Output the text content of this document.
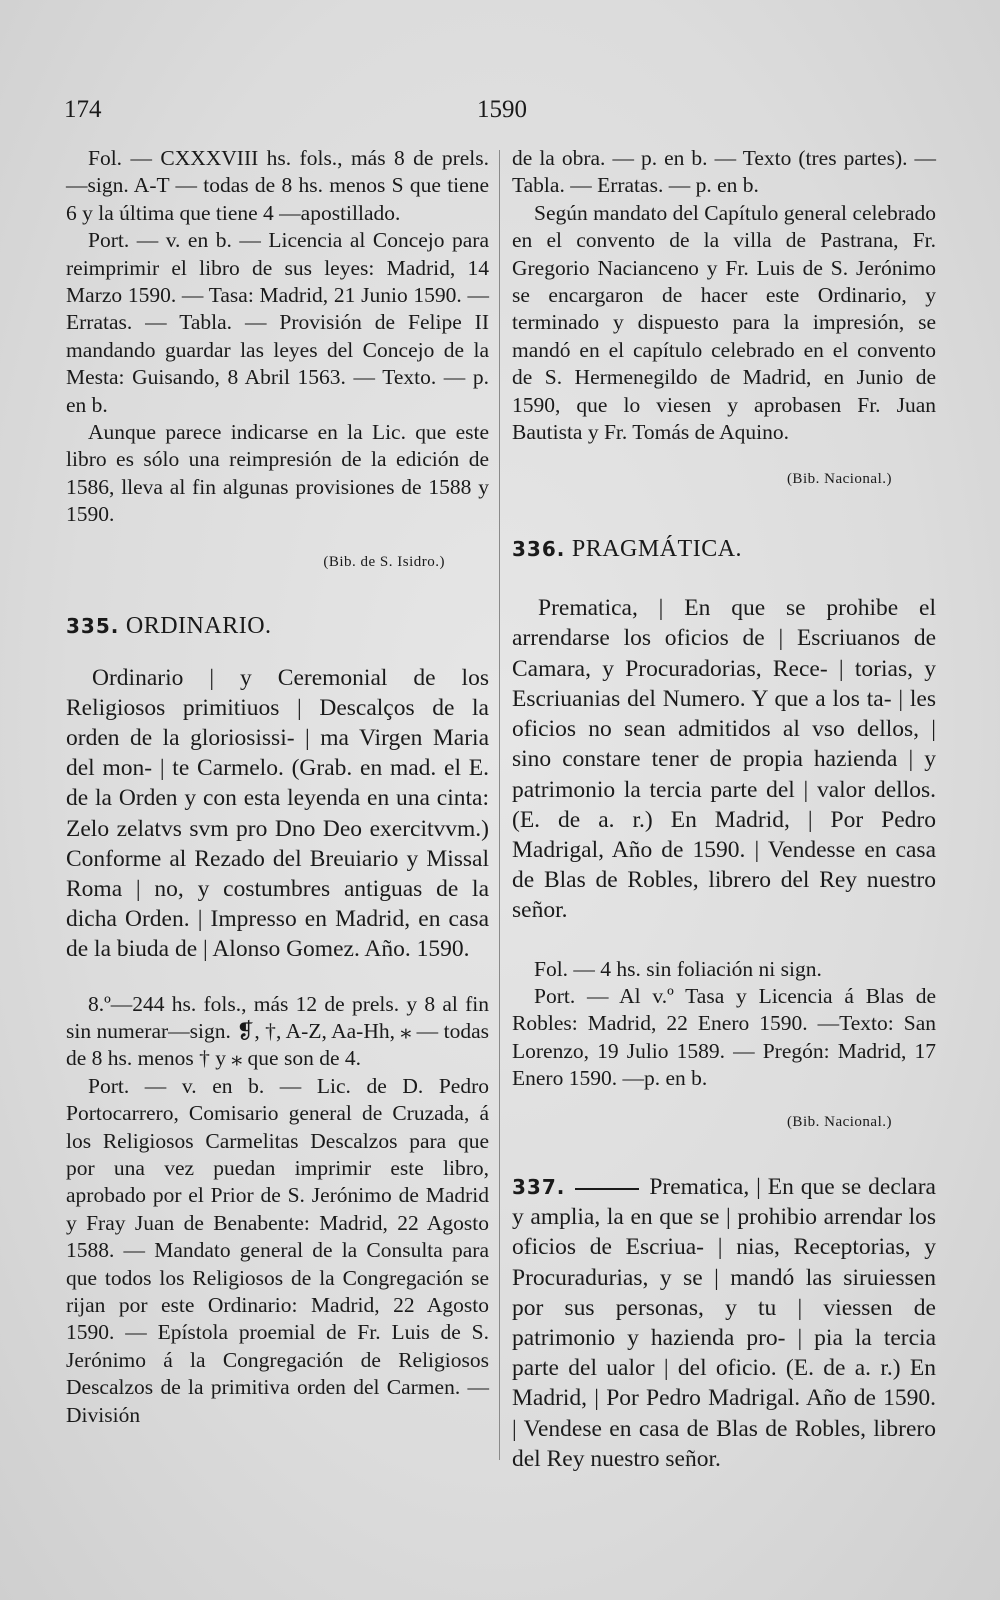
174	1590

Fol. — CXXXVIII hs. fols., más 8 de prels. —sign. A-T — todas de 8 hs. menos S que tiene 6 y la última que tiene 4 —apostillado.

Port. — v. en b. — Licencia al Concejo para reimprimir el libro de sus leyes: Madrid, 14 Marzo 1590. — Tasa: Madrid, 21 Junio 1590. — Erratas. — Tabla. — Provisión de Felipe II mandando guardar las leyes del Concejo de la Mesta: Guisando, 8 Abril 1563. — Texto. — p. en b.

Aunque parece indicarse en la Lic. que este libro es sólo una reimpresión de la edición de 1586, lleva al fin algunas provisiones de 1588 y 1590.

(Bib. de S. Isidro.)

335. ORDINARIO.

Ordinario | y Ceremonial de los Religiosos primitiuos | Descalços de la orden de la gloriosissi- | ma Virgen Maria del mon- | te Carmelo. (Grab. en mad. el E. de la Orden y con esta leyenda en una cinta: Zelo zelatvs svm pro Dno Deo exercitvvm.) Conforme al Rezado del Breuiario y Missal Roma | no, y costumbres antiguas de la dicha Orden. | Impresso en Madrid, en casa de la biuda de | Alonso Gomez. Año. 1590.

8.º—244 hs. fols., más 12 de prels. y 8 al fin sin numerar—sign. ❡, †, A-Z, Aa-Hh, ⁎ — todas de 8 hs. menos † y ⁎ que son de 4.

Port. — v. en b. — Lic. de D. Pedro Portocarrero, Comisario general de Cruzada, á los Religiosos Carmelitas Descalzos para que por una vez puedan imprimir este libro, aprobado por el Prior de S. Jerónimo de Madrid y Fray Juan de Benabente: Madrid, 22 Agosto 1588. — Mandato general de la Consulta para que todos los Religiosos de la Congregación se rijan por este Ordinario: Madrid, 22 Agosto 1590. — Epístola proemial de Fr. Luis de S. Jerónimo á la Congregación de Religiosos Descalzos de la primitiva orden del Carmen. — División

de la obra. — p. en b. — Texto (tres partes). — Tabla. — Erratas. — p. en b.

Según mandato del Capítulo general celebrado en el convento de la villa de Pastrana, Fr. Gregorio Nacianceno y Fr. Luis de S. Jerónimo se encargaron de hacer este Ordinario, y terminado y dispuesto para la impresión, se mandó en el capítulo celebrado en el convento de S. Hermenegildo de Madrid, en Junio de 1590, que lo viesen y aprobasen Fr. Juan Bautista y Fr. Tomás de Aquino.

(Bib. Nacional.)

336. PRAGMÁTICA.

Prematica, | En que se prohibe el arrendarse los oficios de | Escriuanos de Camara, y Procuradorias, Rece- | torias, y Escriuanias del Numero. Y que a los ta- | les oficios no sean admitidos al vso dellos, | sino constare tener de propia hazienda | y patrimonio la tercia parte del | valor dellos. (E. de a. r.) En Madrid, | Por Pedro Madrigal, Año de 1590. | Vendesse en casa de Blas de Robles, librero del Rey nuestro señor.

Fol. — 4 hs. sin foliación ni sign.

Port. — Al v.º Tasa y Licencia á Blas de Robles: Madrid, 22 Enero 1590. —Texto: San Lorenzo, 19 Julio 1589. — Pregón: Madrid, 17 Enero 1590. —p. en b.

(Bib. Nacional.)

337.	Prematica, | En que se declara y amplia, la en que se | prohibio arrendar los oficios de Escriua- | nias, Receptorias, y Procuradurias, y se | mandó las siruiessen por sus personas, y tu | viessen de patrimonio y hazienda pro- | pia la tercia parte del ualor | del oficio. (E. de a. r.) En Madrid, | Por Pedro Madrigal. Año de 1590. | Vendese en casa de Blas de Robles, librero del Rey nuestro señor.
